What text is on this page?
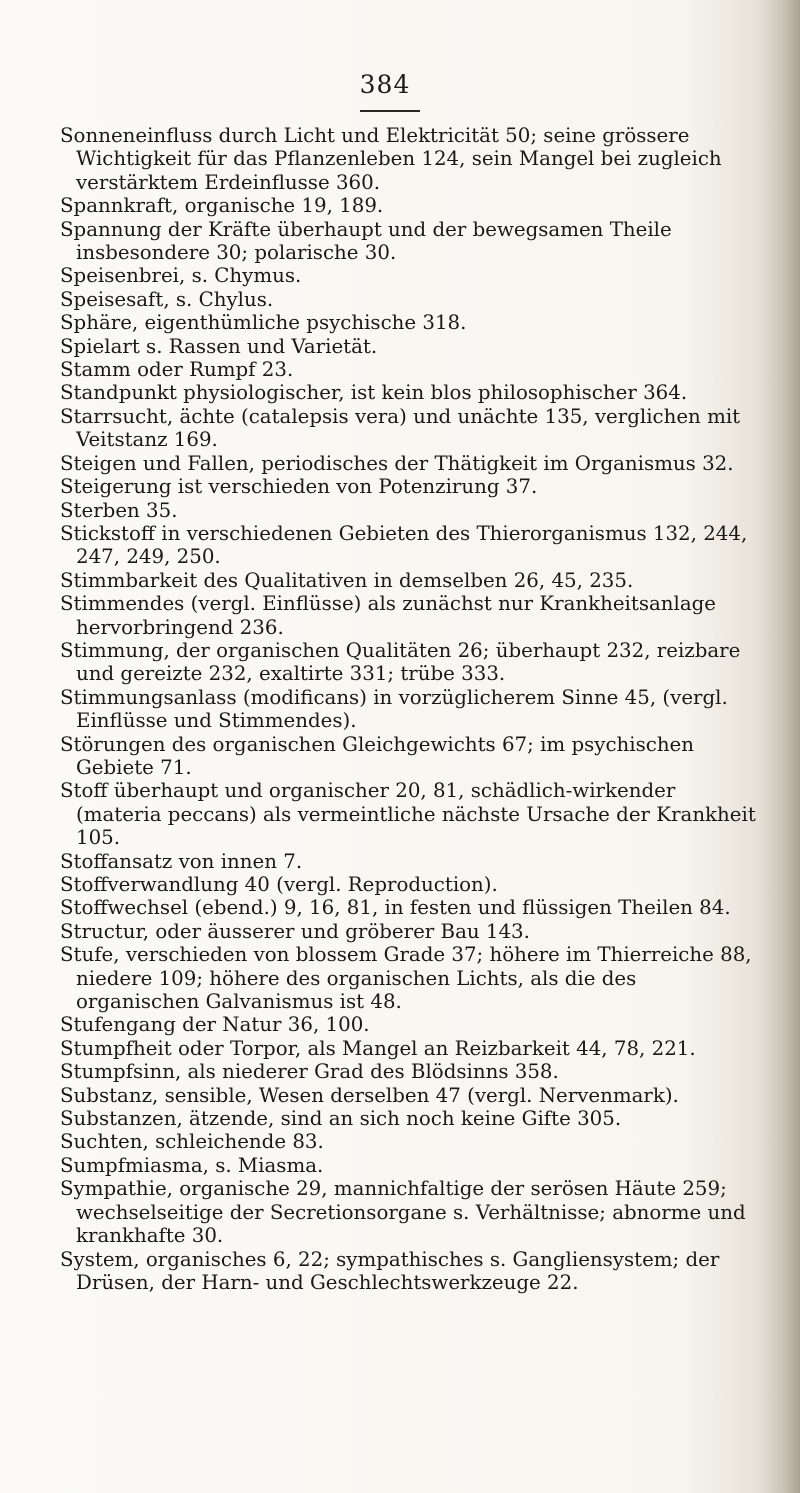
384

Sonneneinfluss durch Licht und Elektricität 50; seine grössere Wichtigkeit für das Pflanzenleben 124, sein Mangel bei zugleich verstärktem Erdeinflusse 360.

Spannkraft, organische 19, 189.

Spannung der Kräfte überhaupt und der bewegsamen Theile insbesondere 30; polarische 30.

Speisenbrei, s. Chymus.

Speisesaft, s. Chylus.

Sphäre, eigenthümliche psychische 318.

Spielart s. Rassen und Varietät.

Stamm oder Rumpf 23.

Standpunkt physiologischer, ist kein blos philosophischer 364.

Starrsucht, ächte (catalepsis vera) und unächte 135, verglichen mit Veitstanz 169.

Steigen und Fallen, periodisches der Thätigkeit im Organismus 32.

Steigerung ist verschieden von Potenzirung 37.

Sterben 35.

Stickstoff in verschiedenen Gebieten des Thierorganismus 132, 244, 247, 249, 250.

Stimmbarkeit des Qualitativen in demselben 26, 45, 235.

Stimmendes (vergl. Einflüsse) als zunächst nur Krankheitsanlage hervorbringend 236.

Stimmung, der organischen Qualitäten 26; überhaupt 232, reizbare und gereizte 232, exaltirte 331; trübe 333.

Stimmungsanlass (modificans) in vorzüglicherem Sinne 45, (vergl. Einflüsse und Stimmendes).

Störungen des organischen Gleichgewichts 67; im psychischen Gebiete 71.

Stoff überhaupt und organischer 20, 81, schädlich-wirkender (materia peccans) als vermeintliche nächste Ursache der Krankheit 105.

Stoffansatz von innen 7.

Stoffverwandlung 40 (vergl. Reproduction).

Stoffwechsel (ebend.) 9, 16, 81, in festen und flüssigen Theilen 84.

Structur, oder äusserer und gröberer Bau 143.

Stufe, verschieden von blossem Grade 37; höhere im Thierreiche 88, niedere 109; höhere des organischen Lichts, als die des organischen Galvanismus ist 48.

Stufengang der Natur 36, 100.

Stumpfheit oder Torpor, als Mangel an Reizbarkeit 44, 78, 221.

Stumpfsinn, als niederer Grad des Blödsinns 358.

Substanz, sensible, Wesen derselben 47 (vergl. Nervenmark).

Substanzen, ätzende, sind an sich noch keine Gifte 305.

Suchten, schleichende 83.

Sumpfmiasma, s. Miasma.

Sympathie, organische 29, mannichfaltige der serösen Häute 259; wechselseitige der Secretionsorgane s. Verhältnisse; abnorme und krankhafte 30.

System, organisches 6, 22; sympathisches s. Gangliensystem; der Drüsen, der Harn- und Geschlechtswerkzeuge 22.
